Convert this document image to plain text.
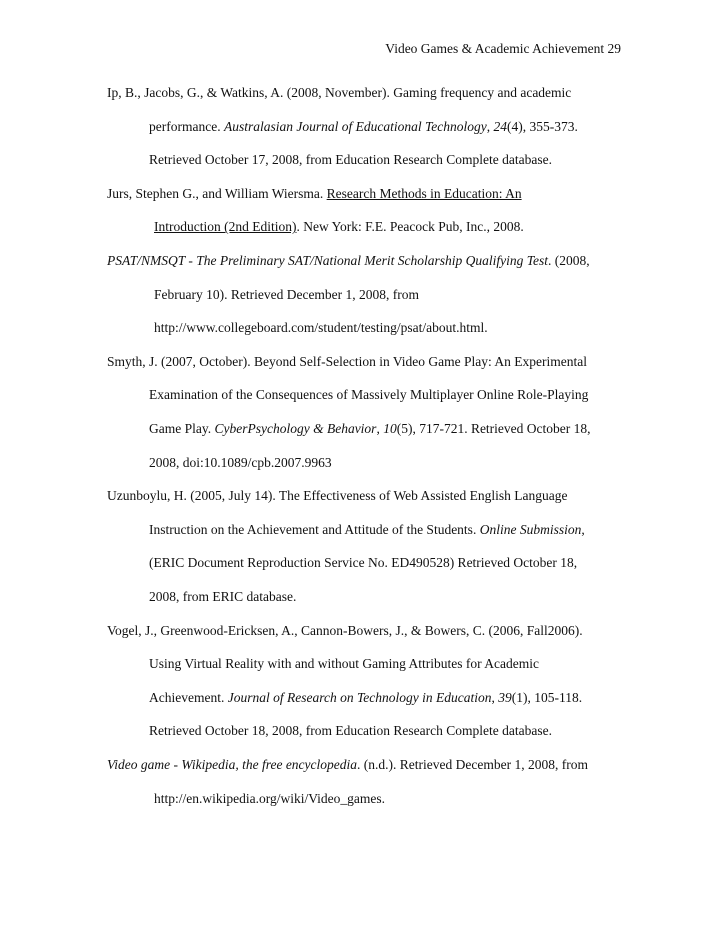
Video Games & Academic Achievement 29
Ip, B., Jacobs, G., & Watkins, A. (2008, November). Gaming frequency and academic
performance. Australasian Journal of Educational Technology, 24(4), 355-373.
Retrieved October 17, 2008, from Education Research Complete database.
Jurs, Stephen G., and William Wiersma. Research Methods in Education: An
Introduction (2nd Edition). New York: F.E. Peacock Pub, Inc., 2008.
PSAT/NMSQT - The Preliminary SAT/National Merit Scholarship Qualifying Test. (2008,
February 10). Retrieved December 1, 2008, from
http://www.collegeboard.com/student/testing/psat/about.html.
Smyth, J. (2007, October). Beyond Self-Selection in Video Game Play: An Experimental
Examination of the Consequences of Massively Multiplayer Online Role-Playing
Game Play. CyberPsychology & Behavior, 10(5), 717-721. Retrieved October 18,
2008, doi:10.1089/cpb.2007.9963
Uzunboylu, H. (2005, July 14). The Effectiveness of Web Assisted English Language
Instruction on the Achievement and Attitude of the Students. Online Submission,
(ERIC Document Reproduction Service No. ED490528) Retrieved October 18,
2008, from ERIC database.
Vogel, J., Greenwood-Ericksen, A., Cannon-Bowers, J., & Bowers, C. (2006, Fall2006).
Using Virtual Reality with and without Gaming Attributes for Academic
Achievement. Journal of Research on Technology in Education, 39(1), 105-118.
Retrieved October 18, 2008, from Education Research Complete database.
Video game - Wikipedia, the free encyclopedia. (n.d.). Retrieved December 1, 2008, from
http://en.wikipedia.org/wiki/Video_games.
